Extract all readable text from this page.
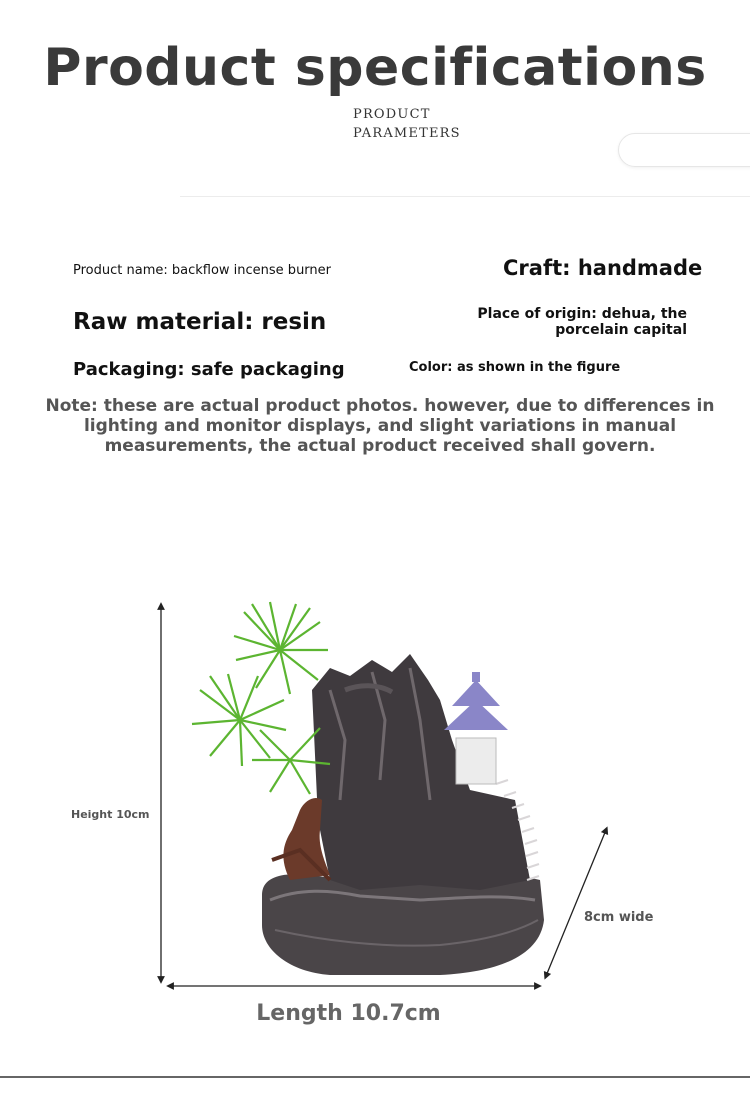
Product specifications
PRODUCT
PARAMETERS
Product name: backflow incense burner	Craft: handmade
Raw material: resin	Place of origin: dehua, the porcelain capital
Packaging: safe packaging	Color: as shown in the figure
Note: these are actual product photos. however, due to differences in lighting and monitor displays, and slight variations in manual measurements, the actual product received shall govern.
Height 10cm
8cm wide
Length 10.7cm
